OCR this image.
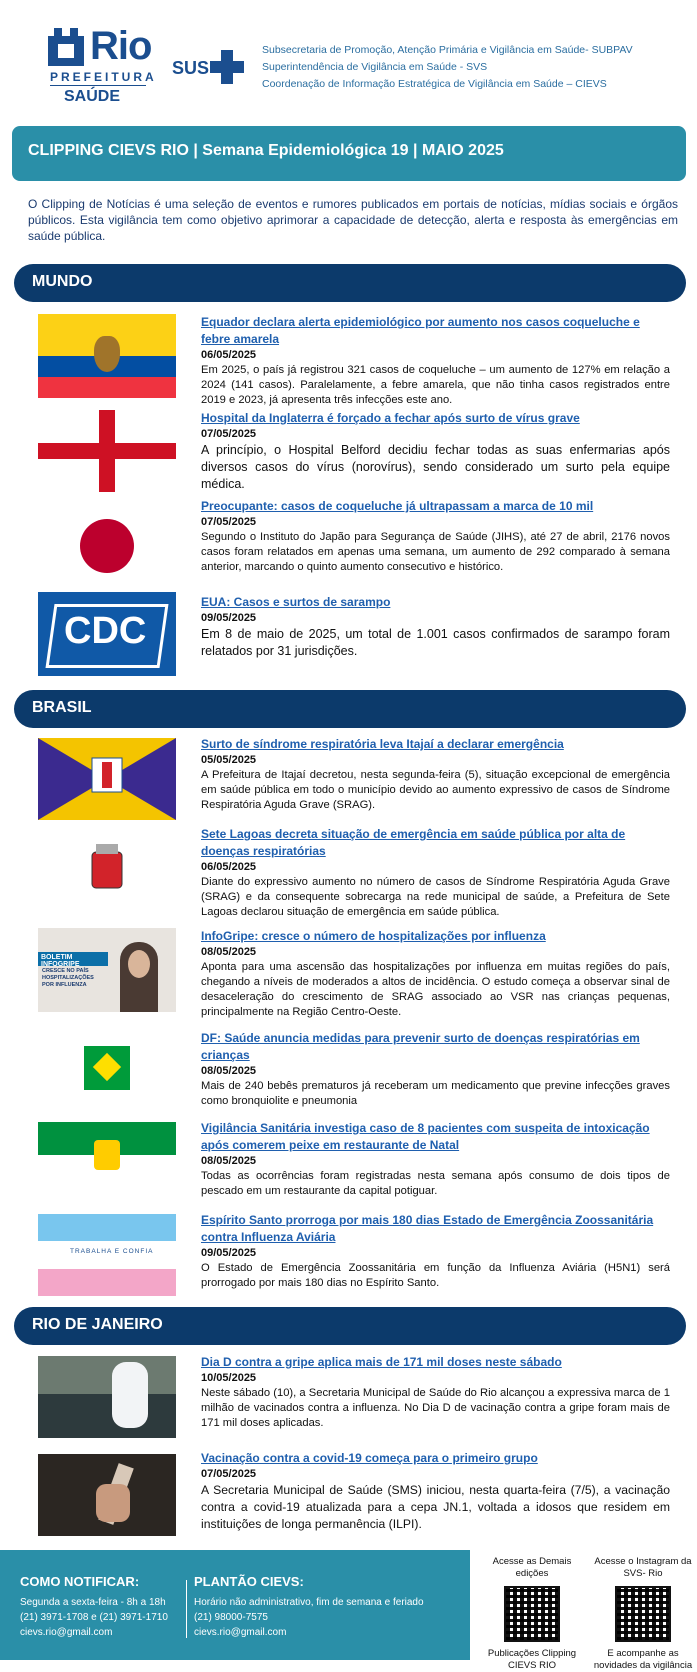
Rio
PREFEITURA
SAÚDE
SUS
Subsecretaria de Promoção, Atenção Primária e Vigilância em Saúde- SUBPAV
Superintendência de Vigilância em Saúde - SVS
Coordenação de Informação Estratégica de Vigilância em Saúde – CIEVS
CLIPPING CIEVS RIO | Semana Epidemiológica 19 | MAIO 2025
O Clipping de Notícias é uma seleção de eventos e rumores publicados em portais de notícias, mídias sociais e órgãos públicos. Esta vigilância tem como objetivo aprimorar a capacidade de detecção, alerta e resposta às emergências em saúde pública.
MUNDO
Equador declara alerta epidemiológico por aumento nos casos coqueluche e febre amarela
06/05/2025
Em 2025, o país já registrou 321 casos de coqueluche – um aumento de 127% em relação a 2024 (141 casos). Paralelamente, a febre amarela, que não tinha casos registrados entre 2019 e 2023, já apresenta três infecções este ano.
Hospital da Inglaterra é forçado a fechar após surto de vírus grave
07/05/2025
A princípio, o Hospital Belford decidiu fechar todas as suas enfermarias após diversos casos do vírus (norovírus), sendo considerado um surto pela equipe médica.
Preocupante: casos de coqueluche já ultrapassam a marca de 10 mil
07/05/2025
Segundo o Instituto do Japão para Segurança de Saúde (JIHS), até 27 de abril, 2176 novos casos foram relatados em apenas uma semana, um aumento de 292 comparado à semana anterior, marcando o quinto aumento consecutivo e histórico.
CDC
EUA: Casos e surtos de sarampo
09/05/2025
Em 8 de maio de 2025, um total de 1.001 casos confirmados de sarampo foram relatados por 31 jurisdições.
BRASIL
Surto de síndrome respiratória leva Itajaí a declarar emergência
05/05/2025
A Prefeitura de Itajaí decretou, nesta segunda-feira (5), situação excepcional de emergência em saúde pública em todo o município devido ao aumento expressivo de casos de Síndrome Respiratória Aguda Grave (SRAG).
Sete Lagoas decreta situação de emergência em saúde pública por alta de doenças respiratórias
06/05/2025
Diante do expressivo aumento no número de casos de Síndrome Respiratória Aguda Grave (SRAG) e da consequente sobrecarga na rede municipal de saúde, a Prefeitura de Sete Lagoas declarou situação de emergência em saúde pública.
BOLETIM INFOGRIPE
CRESCE NO PAÍS HOSPITALIZAÇÕES POR INFLUENZA
InfoGripe: cresce o número de hospitalizações por influenza
08/05/2025
Aponta para uma ascensão das hospitalizações por influenza em muitas regiões do país, chegando a níveis de moderados a altos de incidência. O estudo começa a observar sinal de desaceleração do crescimento de SRAG associado ao VSR nas crianças pequenas, principalmente na Região Centro-Oeste.
DF: Saúde anuncia medidas para prevenir surto de doenças respiratórias em crianças
08/05/2025
Mais de 240 bebês prematuros já receberam um medicamento que previne infecções graves como bronquiolite e pneumonia
Vigilância Sanitária investiga caso de 8 pacientes com suspeita de intoxicação após comerem peixe em restaurante de Natal
08/05/2025
Todas as ocorrências foram registradas nesta semana após consumo de dois tipos de pescado em um restaurante da capital potiguar.
TRABALHA E CONFIA
Espírito Santo prorroga por mais 180 dias Estado de Emergência Zoossanitária contra Influenza Aviária
09/05/2025
O Estado de Emergência Zoossanitária em função da Influenza Aviária (H5N1) será prorrogado por mais 180 dias no Espírito Santo.
RIO DE JANEIRO
Dia D contra a gripe aplica mais de 171 mil doses neste sábado
10/05/2025
Neste sábado (10), a Secretaria Municipal de Saúde do Rio alcançou a expressiva marca de 1 milhão de vacinados contra a influenza. No Dia D de vacinação contra a gripe foram mais de 171 mil doses aplicadas.
Vacinação contra a covid-19 começa para o primeiro grupo
07/05/2025
A Secretaria Municipal de Saúde (SMS) iniciou, nesta quarta-feira (7/5), a vacinação contra a covid-19 atualizada para a cepa JN.1, voltada a idosos que residem em instituições de longa permanência (ILPI).
COMO NOTIFICAR:
Segunda a sexta-feira - 8h a 18h
(21) 3971-1708 e (21) 3971-1710
cievs.rio@gmail.com
PLANTÃO CIEVS:
Horário não administrativo, fim de semana e feriado
(21) 98000-7575
cievs.rio@gmail.com
Acesse as Demais edições
Publicações Clipping CIEVS RIO
Acesse o Instagram da SVS- Rio
E acompanhe as novidades da vigilância
